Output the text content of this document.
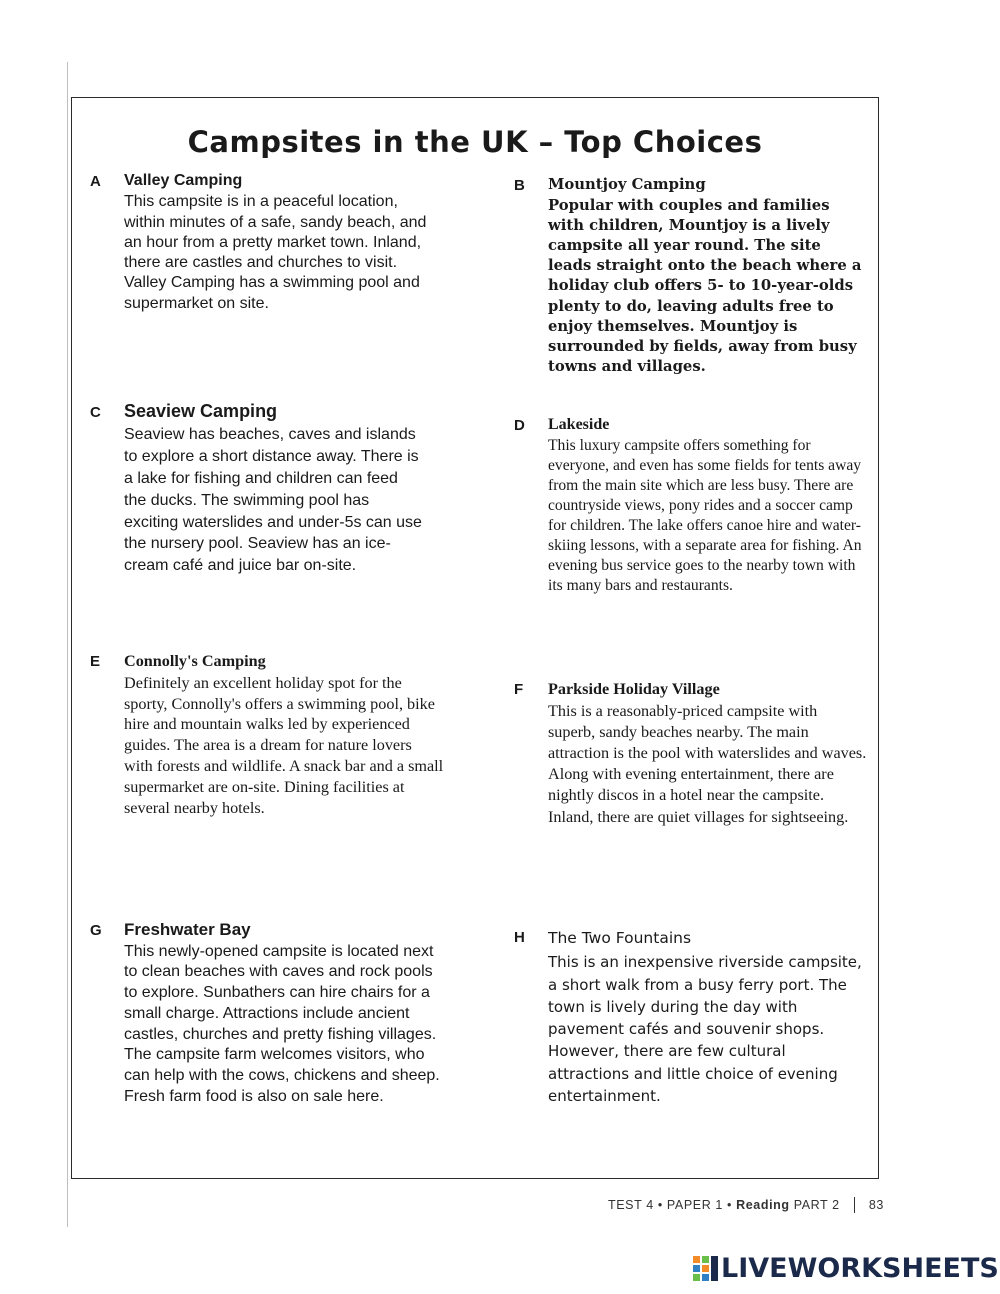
Campsites in the UK – Top Choices
A Valley Camping

This campsite is in a peaceful location, within minutes of a safe, sandy beach, and an hour from a pretty market town. Inland, there are castles and churches to visit. Valley Camping has a swimming pool and supermarket on site.

B Mountjoy Camping

Popular with couples and families with children, Mountjoy is a lively campsite all year round. The site leads straight onto the beach where a holiday club offers 5- to 10-year-olds plenty to do, leaving adults free to enjoy themselves. Mountjoy is surrounded by fields, away from busy towns and villages.

C Seaview Camping

Seaview has beaches, caves and islands to explore a short distance away. There is a lake for fishing and children can feed the ducks. The swimming pool has exciting waterslides and under-5s can use the nursery pool. Seaview has an ice-cream café and juice bar on-site.

D Lakeside

This luxury campsite offers something for everyone, and even has some fields for tents away from the main site which are less busy. There are countryside views, pony rides and a soccer camp for children. The lake offers canoe hire and water-skiing lessons, with a separate area for fishing. An evening bus service goes to the nearby town with its many bars and restaurants.

E Connolly's Camping

Definitely an excellent holiday spot for the sporty, Connolly's offers a swimming pool, bike hire and mountain walks led by experienced guides. The area is a dream for nature lovers with forests and wildlife. A snack bar and a small supermarket are on-site. Dining facilities at several nearby hotels.

F Parkside Holiday Village

This is a reasonably-priced campsite with superb, sandy beaches nearby. The main attraction is the pool with waterslides and waves. Along with evening entertainment, there are nightly discos in a hotel near the campsite. Inland, there are quiet villages for sightseeing.

G Freshwater Bay

This newly-opened campsite is located next to clean beaches with caves and rock pools to explore. Sunbathers can hire chairs for a small charge. Attractions include ancient castles, churches and pretty fishing villages. The campsite farm welcomes visitors, who can help with the cows, chickens and sheep. Fresh farm food is also on sale here.

H The Two Fountains

This is an inexpensive riverside campsite, a short walk from a busy ferry port. The town is lively during the day with pavement cafés and souvenir shops. However, there are few cultural attractions and little choice of evening entertainment.

TEST 4 • PAPER 1 • Reading PART 2 83
LIVEWORKSHEETS
